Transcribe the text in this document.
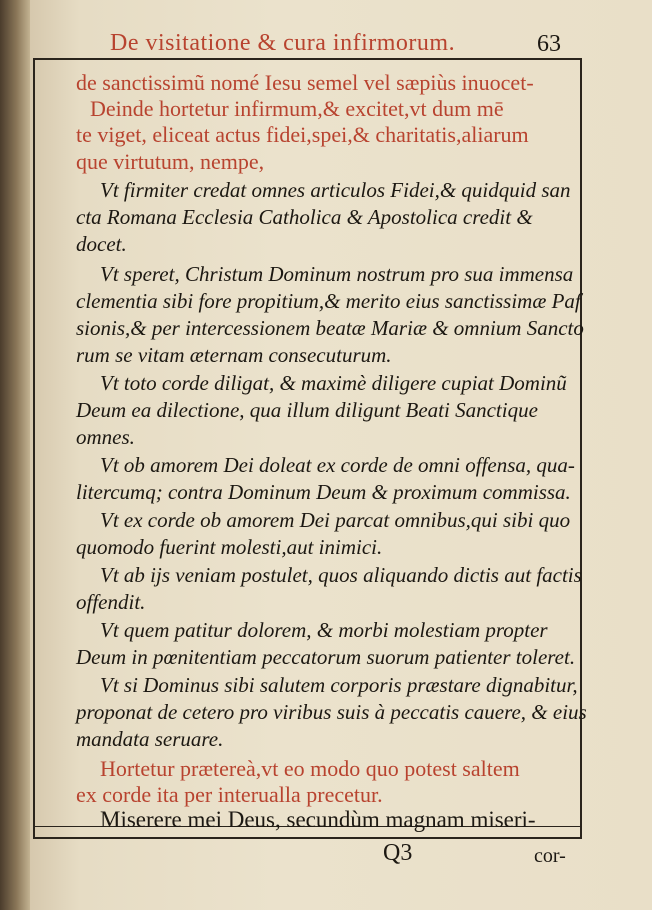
De visitatione & cura infirmorum.	63
de sanctissimũ nomé Iesu semel vel sæpiùs inuocet-
Deinde hortetur infirmum,& excitet,vt dum mē
te viget, eliceat actus fidei,spei,& charitatis,aliarum
que virtutum, nempe,
Vt firmiter credat omnes articulos Fidei,& quidquid san
cta Romana Ecclesia Catholica & Apostolica credit &
docet.
Vt speret, Christum Dominum nostrum pro sua immensa
clementia sibi fore propitium,& merito eius sanctissimæ Paf
sionis,& per intercessionem beatæ Mariæ & omnium Sancto
rum se vitam æternam consecuturum.
Vt toto corde diligat, & maximè diligere cupiat Dominũ
Deum ea dilectione, qua illum diligunt Beati Sanctique
omnes.
Vt ob amorem Dei doleat ex corde de omni offensa, qua-
litercumq; contra Dominum Deum & proximum commissa.
Vt ex corde ob amorem Dei parcat omnibus,qui sibi quo
quomodo fuerint molesti,aut inimici.
Vt ab ijs veniam postulet, quos aliquando dictis aut factis
offendit.
Vt quem patitur dolorem, & morbi molestiam propter
Deum in pœnitentiam peccatorum suorum patienter toleret.
Vt si Dominus sibi salutem corporis præstare dignabitur,
proponat de cetero pro viribus suis à peccatis cauere, & eius
mandata seruare.
Hortetur prætereà,vt eo modo quo potest saltem
ex corde ita per interualla precetur.
Miserere mei Deus, secundùm magnam miseri-
Q3	cor-
